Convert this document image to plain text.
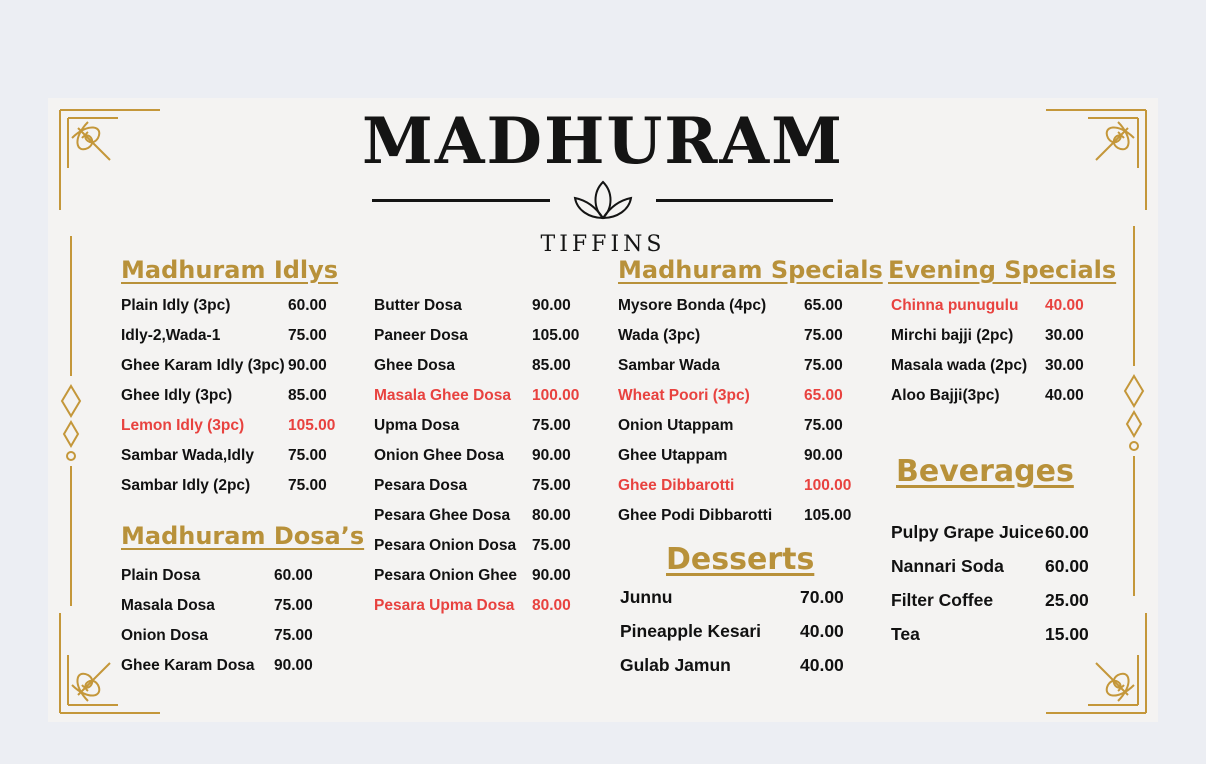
MADHURAM
TIFFINS
Madhuram Idlys
Madhuram Dosa’s
Madhuram Specials
Desserts
Evening Specials
Beverages
Plain Idly (3pc)	60.00
Idly-2,Wada-1	75.00
Ghee Karam Idly (3pc) 90.00
Ghee Idly (3pc)	85.00
Lemon Idly (3pc)	105.00
Sambar Wada,Idly 75.00
Sambar Idly (2pc) 75.00
Plain Dosa	60.00
Masala Dosa	75.00
Onion Dosa	75.00
Ghee Karam Dosa 90.00
Butter Dosa	90.00
Paneer Dosa	105.00
Ghee Dosa	85.00
Masala Ghee Dosa 100.00
Upma Dosa	75.00
Onion Ghee Dosa 90.00
Pesara Dosa	75.00
Pesara Ghee Dosa 80.00
Pesara Onion Dosa 75.00
Pesara Onion Ghee 90.00
Pesara Upma Dosa 80.00
Mysore Bonda (4pc) 65.00
Wada (3pc)	75.00
Sambar Wada	75.00
Wheat Poori (3pc)	65.00
Onion Utappam	75.00
Ghee Utappam	90.00
Ghee Dibbarotti	100.00
Ghee Podi Dibbarotti 105.00
Junnu	70.00
Pineapple Kesari 40.00
Gulab Jamun	40.00
Chinna punugulu 40.00
Mirchi bajji (2pc) 30.00
Masala wada (2pc) 30.00
Aloo Bajji(3pc)	40.00
Pulpy Grape Juice 60.00
Nannari Soda 60.00
Filter Coffee	25.00
Tea	15.00
